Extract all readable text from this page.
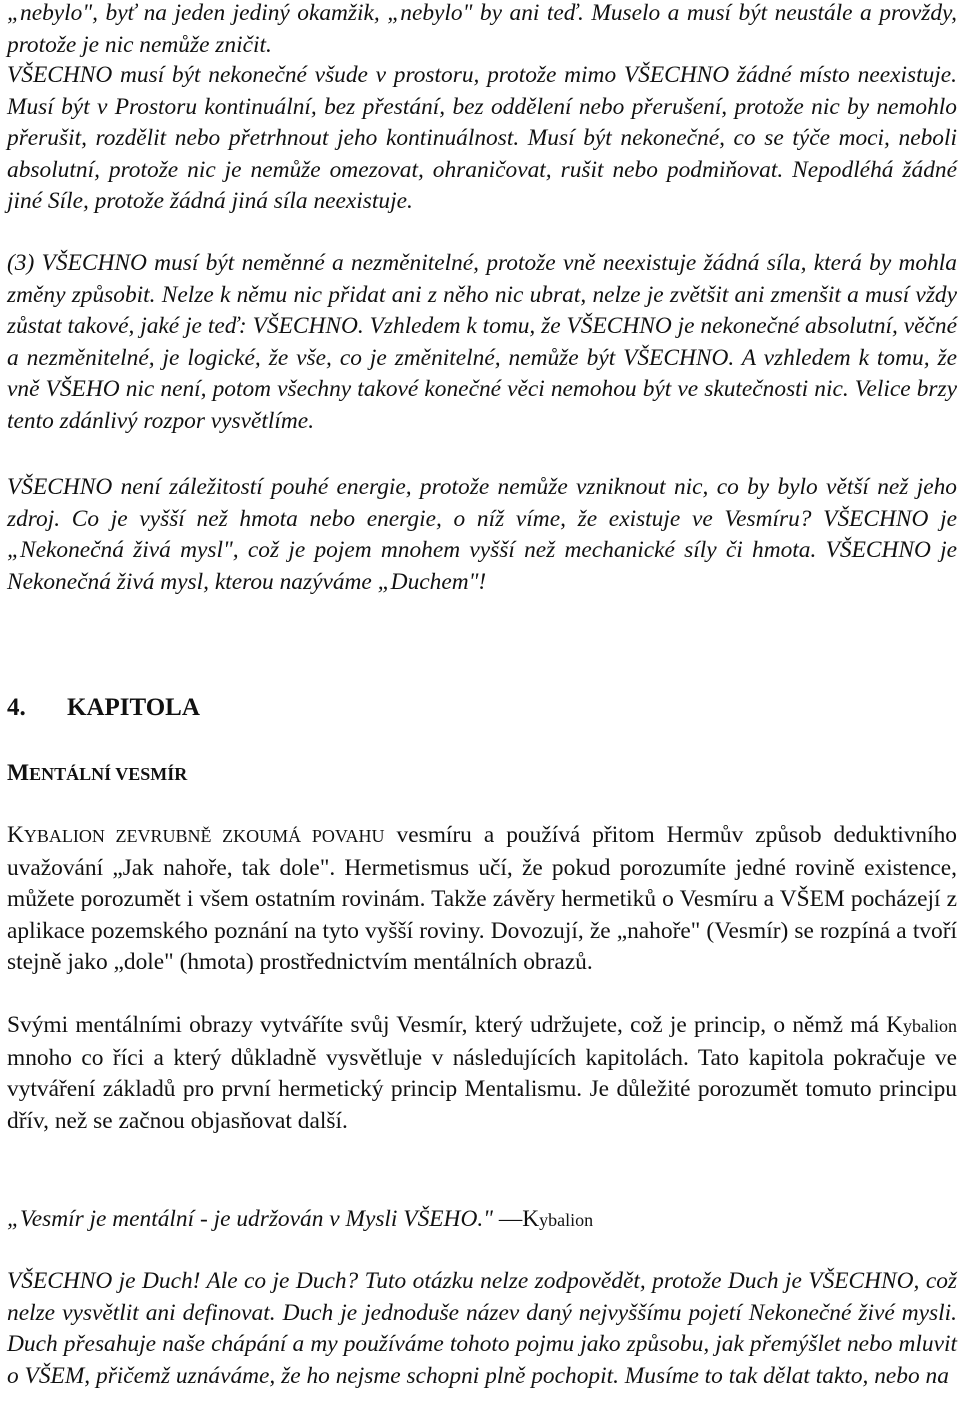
„nebylo", byť na jeden jediný okamžik, „nebylo" by ani teď. Muselo a musí být neustále a provždy, protože je nic nemůže zničit.

VŠECHNO musí být nekonečné všude v prostoru, protože mimo VŠECHNO žádné místo neexistuje. Musí být v Prostoru kontinuální, bez přestání, bez oddělení nebo přerušení, protože nic by nemohlo přerušit, rozdělit nebo přetrhnout jeho kontinuálnost. Musí být nekonečné, co se týče moci, neboli absolutní, protože nic je nemůže omezovat, ohraničovat, rušit nebo podmiňovat. Nepodléhá žádné jiné Síle, protože žádná jiná síla neexistuje.

(3) VŠECHNO musí být neměnné a nezměnitelné, protože vně neexistuje žádná síla, která by mohla změny způsobit. Nelze k němu nic přidat ani z něho nic ubrat, nelze je zvětšit ani zmenšit a musí vždy zůstat takové, jaké je teď: VŠECHNO. Vzhledem k tomu, že VŠECHNO je nekonečné absolutní, věčné a nezměnitelné, je logické, že vše, co je změnitelné, nemůže být VŠECHNO. A vzhledem k tomu, že vně VŠEHO nic není, potom všechny takové konečné věci nemohou být ve skutečnosti nic. Velice brzy tento zdánlivý rozpor vysvětlíme.

VŠECHNO není záležitostí pouhé energie, protože nemůže vzniknout nic, co by bylo větší než jeho zdroj. Co je vyšší než hmota nebo energie, o níž víme, že existuje ve Vesmíru? VŠECHNO je „Nekonečná živá mysl", což je pojem mnohem vyšší než mechanické síly či hmota. VŠECHNO je Nekonečná živá mysl, kterou nazýváme „Duchem"!

4. KAPITOLA
MENTÁLNÍ VESMÍR

KYBALION ZEVRUBNĚ ZKOUMÁ POVAHU vesmíru a používá přitom Hermův způsob deduktivního uvažování „Jak nahoře, tak dole". Hermetismus učí, že pokud porozumíte jedné rovině existence, můžete porozumět i všem ostatním rovinám. Takže závěry hermetiků o Vesmíru a VŠEM pocházejí z aplikace pozemského poznání na tyto vyšší roviny. Dovozují, že „nahoře" (Vesmír) se rozpíná a tvoří stejně jako „dole" (hmota) prostřednictvím mentálních obrazů.

Svými mentálními obrazy vytváříte svůj Vesmír, který udržujete, což je princip, o němž má Kybalion mnoho co říci a který důkladně vysvětluje v následujících kapitolách. Tato kapitola pokračuje ve vytváření základů pro první hermetický princip Mentalismu. Je důležité porozumět tomuto principu dřív, než se začnou objasňovat další.

„Vesmír je mentální - je udržován v Mysli VŠEHO." —Kybalion

VŠECHNO je Duch! Ale co je Duch? Tuto otázku nelze zodpovědět, protože Duch je VŠECHNO, což nelze vysvětlit ani definovat. Duch je jednoduše název daný nejvyššímu pojetí Nekonečné živé mysli. Duch přesahuje naše chápání a my používáme tohoto pojmu jako způsobu, jak přemýšlet nebo mluvit o VŠEM, přičemž uznáváme, že ho nejsme schopni plně pochopit. Musíme to tak dělat takto, nebo na
